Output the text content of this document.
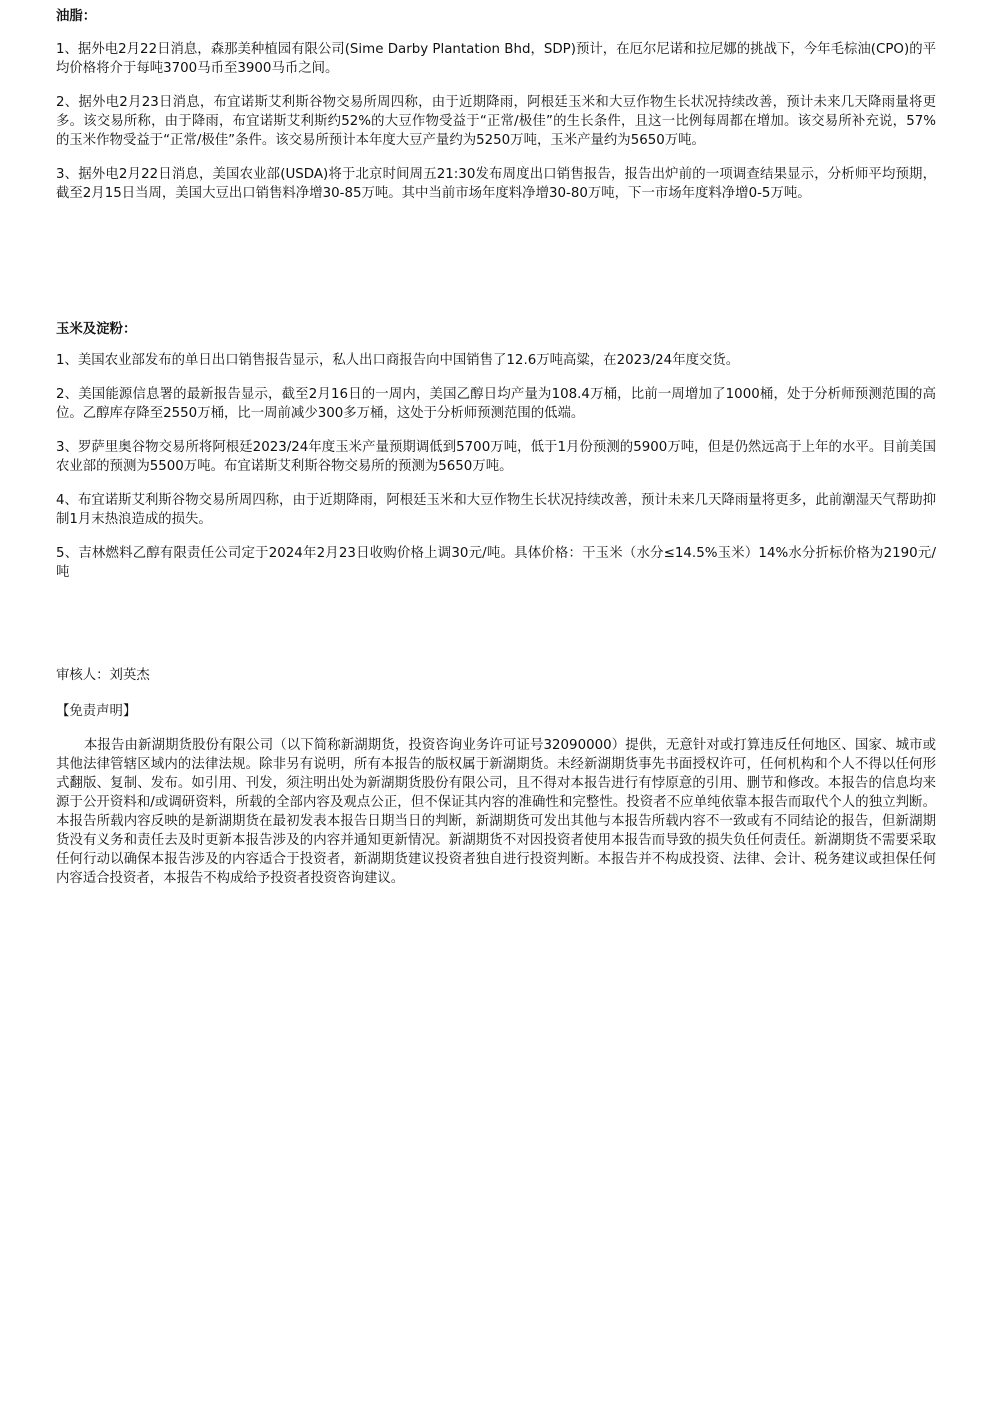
油脂：

1、据外电2月22日消息，森那美种植园有限公司(Sime Darby Plantation Bhd，SDP)预计，在厄尔尼诺和拉尼娜的挑战下，今年毛棕油(CPO)的平均价格将介于每吨3700马币至3900马币之间。

2、据外电2月23日消息，布宜诺斯艾利斯谷物交易所周四称，由于近期降雨，阿根廷玉米和大豆作物生长状况持续改善，预计未来几天降雨量将更多。该交易所称，由于降雨，布宜诺斯艾利斯约52%的大豆作物受益于“正常/极佳”的生长条件，且这一比例每周都在增加。该交易所补充说，57%的玉米作物受益于“正常/极佳”条件。该交易所预计本年度大豆产量约为5250万吨，玉米产量约为5650万吨。

3、据外电2月22日消息，美国农业部(USDA)将于北京时间周五21:30发布周度出口销售报告，报告出炉前的一项调查结果显示，分析师平均预期，截至2月15日当周，美国大豆出口销售料净增30-85万吨。其中当前市场年度料净增30-80万吨，下一市场年度料净增0-5万吨。

玉米及淀粉：

1、美国农业部发布的单日出口销售报告显示，私人出口商报告向中国销售了12.6万吨高粱，在2023/24年度交货。

2、美国能源信息署的最新报告显示，截至2月16日的一周内，美国乙醇日均产量为108.4万桶，比前一周增加了1000桶，处于分析师预测范围的高位。乙醇库存降至2550万桶，比一周前减少300多万桶，这处于分析师预测范围的低端。

3、罗萨里奥谷物交易所将阿根廷2023/24年度玉米产量预期调低到5700万吨，低于1月份预测的5900万吨，但是仍然远高于上年的水平。目前美国农业部的预测为5500万吨。布宜诺斯艾利斯谷物交易所的预测为5650万吨。

4、布宜诺斯艾利斯谷物交易所周四称，由于近期降雨，阿根廷玉米和大豆作物生长状况持续改善，预计未来几天降雨量将更多，此前潮湿天气帮助抑制1月末热浪造成的损失。

5、吉林燃料乙醇有限责任公司定于2024年2月23日收购价格上调30元/吨。具体价格：干玉米（水分≤14.5%玉米）14%水分折标价格为2190元/吨

审核人：刘英杰

【免责声明】

本报告由新湖期货股份有限公司（以下简称新湖期货，投资咨询业务许可证号32090000）提供，无意针对或打算违反任何地区、国家、城市或其他法律管辖区域内的法律法规。除非另有说明，所有本报告的版权属于新湖期货。未经新湖期货事先书面授权许可，任何机构和个人不得以任何形式翻版、复制、发布。如引用、刊发，须注明出处为新湖期货股份有限公司，且不得对本报告进行有悖原意的引用、删节和修改。本报告的信息均来源于公开资料和/或调研资料，所载的全部内容及观点公正，但不保证其内容的准确性和完整性。投资者不应单纯依靠本报告而取代个人的独立判断。本报告所载内容反映的是新湖期货在最初发表本报告日期当日的判断，新湖期货可发出其他与本报告所载内容不一致或有不同结论的报告，但新湖期货没有义务和责任去及时更新本报告涉及的内容并通知更新情况。新湖期货不对因投资者使用本报告而导致的损失负任何责任。新湖期货不需要采取任何行动以确保本报告涉及的内容适合于投资者，新湖期货建议投资者独自进行投资判断。本报告并不构成投资、法律、会计、税务建议或担保任何内容适合投资者，本报告不构成给予投资者投资咨询建议。
